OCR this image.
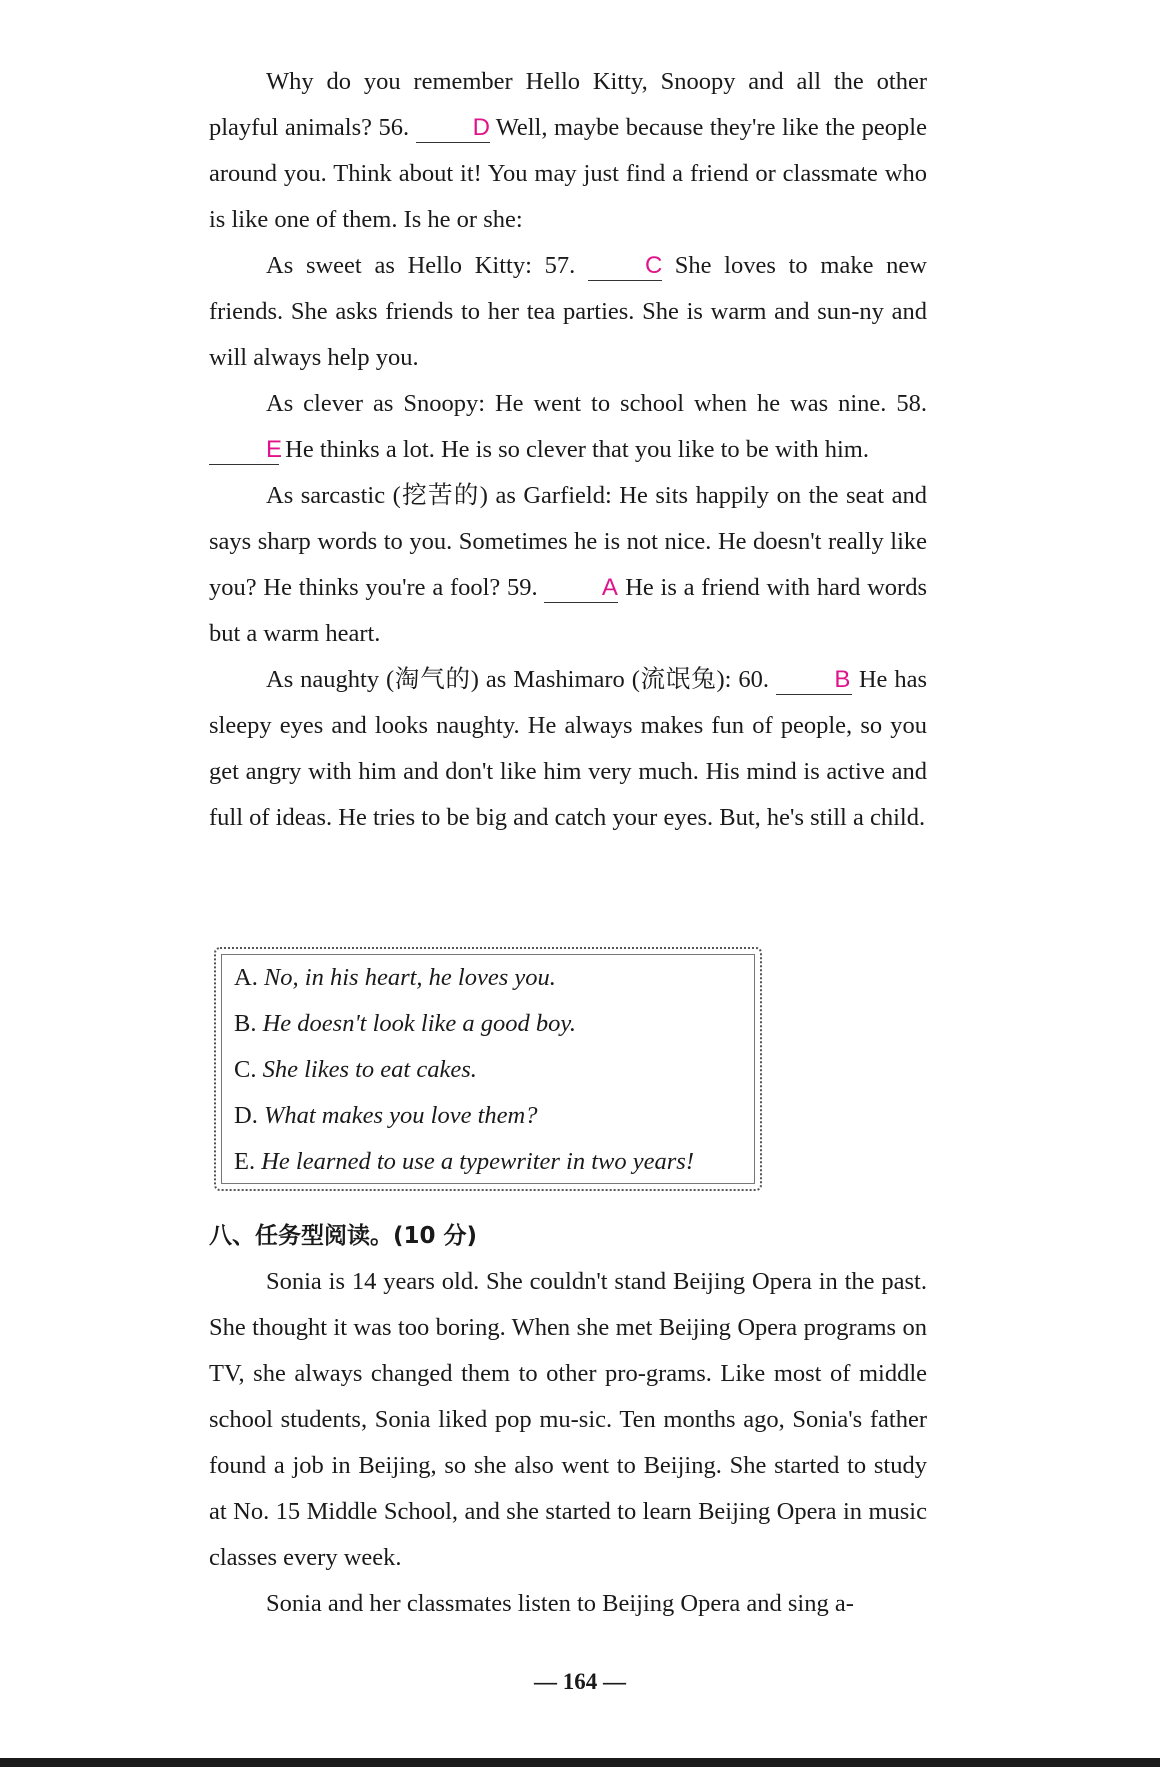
Why do you remember Hello Kitty, Snoopy and all the other playful animals? 56. D Well, maybe because they're like the people around you. Think about it! You may just find a friend or classmate who is like one of them. Is he or she:

As sweet as Hello Kitty: 57. C She loves to make new friends. She asks friends to her tea parties. She is warm and sun-ny and will always help you.

As clever as Snoopy: He went to school when he was nine. 58. E He thinks a lot. He is so clever that you like to be with him.

As sarcastic (挖苦的) as Garfield: He sits happily on the seat and says sharp words to you. Sometimes he is not nice. He doesn't really like you? He thinks you're a fool? 59. A He is a friend with hard words but a warm heart.

As naughty (淘气的) as Mashimaro (流氓兔): 60. B He has sleepy eyes and looks naughty. He always makes fun of people, so you get angry with him and don't like him very much. His mind is active and full of ideas. He tries to be big and catch your eyes. But, he's still a child.

A. No, in his heart, he loves you.

B. He doesn't look like a good boy.

C. She likes to eat cakes.

D. What makes you love them?

E. He learned to use a typewriter in two years!

八、任务型阅读。(10 分)

Sonia is 14 years old. She couldn't stand Beijing Opera in the past. She thought it was too boring. When she met Beijing Opera programs on TV, she always changed them to other pro-grams. Like most of middle school students, Sonia liked pop mu-sic. Ten months ago, Sonia's father found a job in Beijing, so she also went to Beijing. She started to study at No. 15 Middle School, and she started to learn Beijing Opera in music classes every week.

Sonia and her classmates listen to Beijing Opera and sing a-

— 164 —
